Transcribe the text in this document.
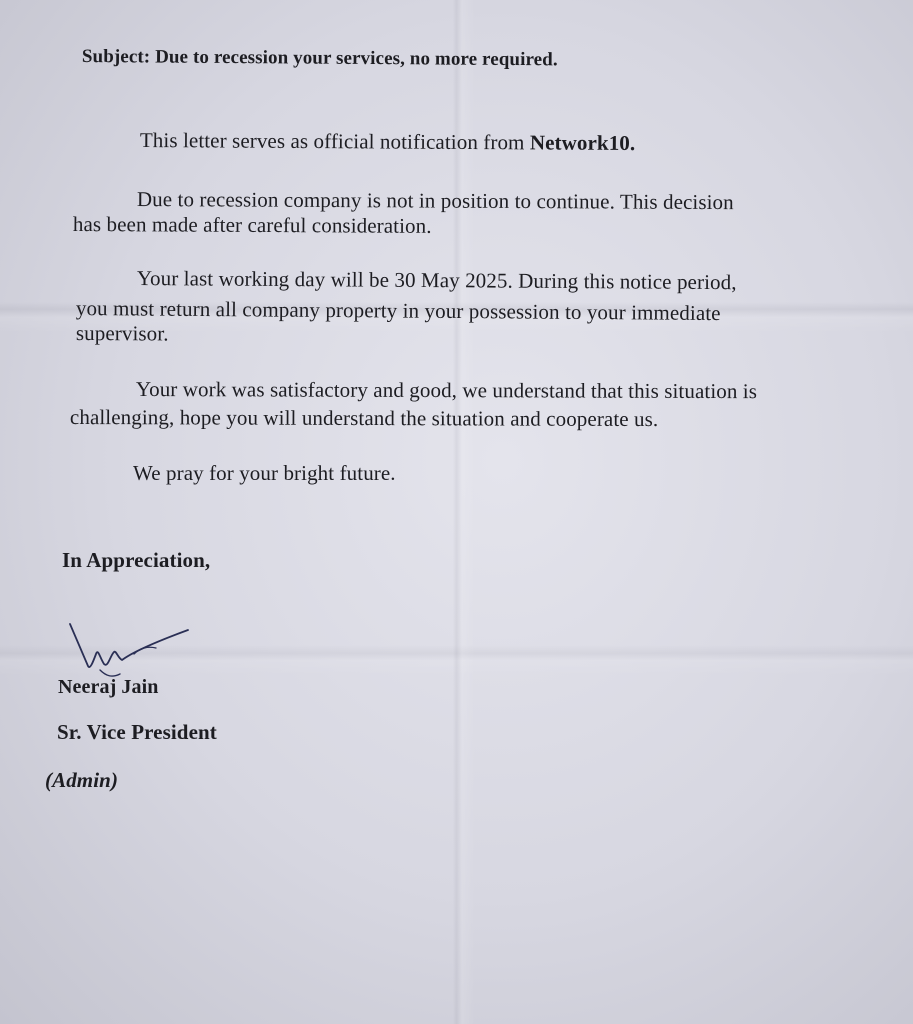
Subject: Due to recession your services, no more required.
This letter serves as official notification from Network10.
Due to recession company is not in position to continue. This decision
has been made after careful consideration.
Your last working day will be 30 May 2025. During this notice period,
you must return all company property in your possession to your immediate
supervisor.
Your work was satisfactory and good, we understand that this situation is
challenging, hope you will understand the situation and cooperate us.
We pray for your bright future.
In Appreciation,
Neeraj Jain
Sr. Vice President
(Admin)
